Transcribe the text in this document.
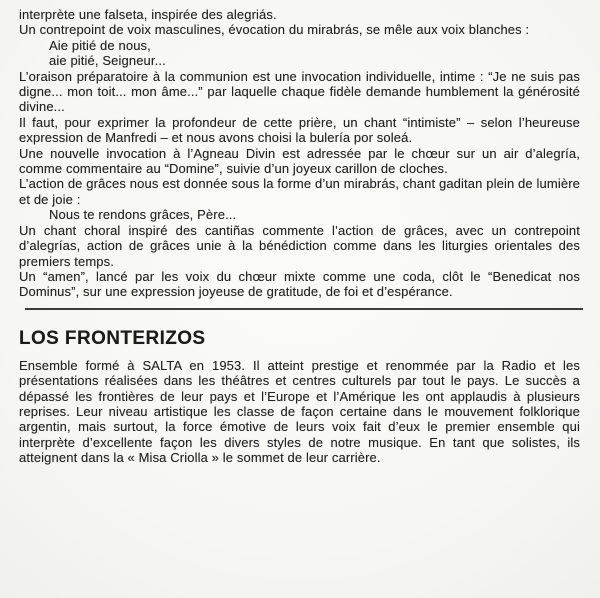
interprète une falseta, inspirée des alegriás.

Un contrepoint de voix masculines, évocation du mirabrás, se mêle aux voix blanches :

Aie pitié de nous,

aie pitié, Seigneur...

L’oraison préparatoire à la communion est une invocation individuelle, intime : “Je ne suis pas digne... mon toit... mon âme...” par laquelle chaque fidèle demande humblement la générosité divine...

Il faut, pour exprimer la profondeur de cette prière, un chant “intimiste” – selon l’heureuse expression de Manfredi – et nous avons choisi la bulería por soleá.

Une nouvelle invocation à l’Agneau Divin est adressée par le chœur sur un air d’alegría, comme commentaire au “Domine”, suivie d’un joyeux carillon de cloches.

L’action de grâces nous est donnée sous la forme d’un mirabrás, chant gaditan plein de lumière et de joie :

Nous te rendons grâces, Père...

Un chant choral inspiré des cantiñas commente l’action de grâces, avec un contrepoint d’alegrías, action de grâces unie à la bénédiction comme dans les liturgies orientales des premiers temps.

Un “amen”, lancé par les voix du chœur mixte comme une coda, clôt le “Benedicat nos Dominus”, sur une expression joyeuse de gratitude, de foi et d’espérance.

LOS FRONTERIZOS

Ensemble formé à SALTA en 1953. Il atteint prestige et renommée par la Radio et les présentations réalisées dans les théâtres et centres culturels par tout le pays. Le succès a dépassé les frontières de leur pays et l’Europe et l’Amérique les ont applaudis à plusieurs reprises. Leur niveau artistique les classe de façon certaine dans le mouvement folklorique argentin, mais surtout, la force émotive de leurs voix fait d’eux le premier ensemble qui interprète d’excellente façon les divers styles de notre musique. En tant que solistes, ils atteignent dans la « Misa Criolla » le sommet de leur carrière.
